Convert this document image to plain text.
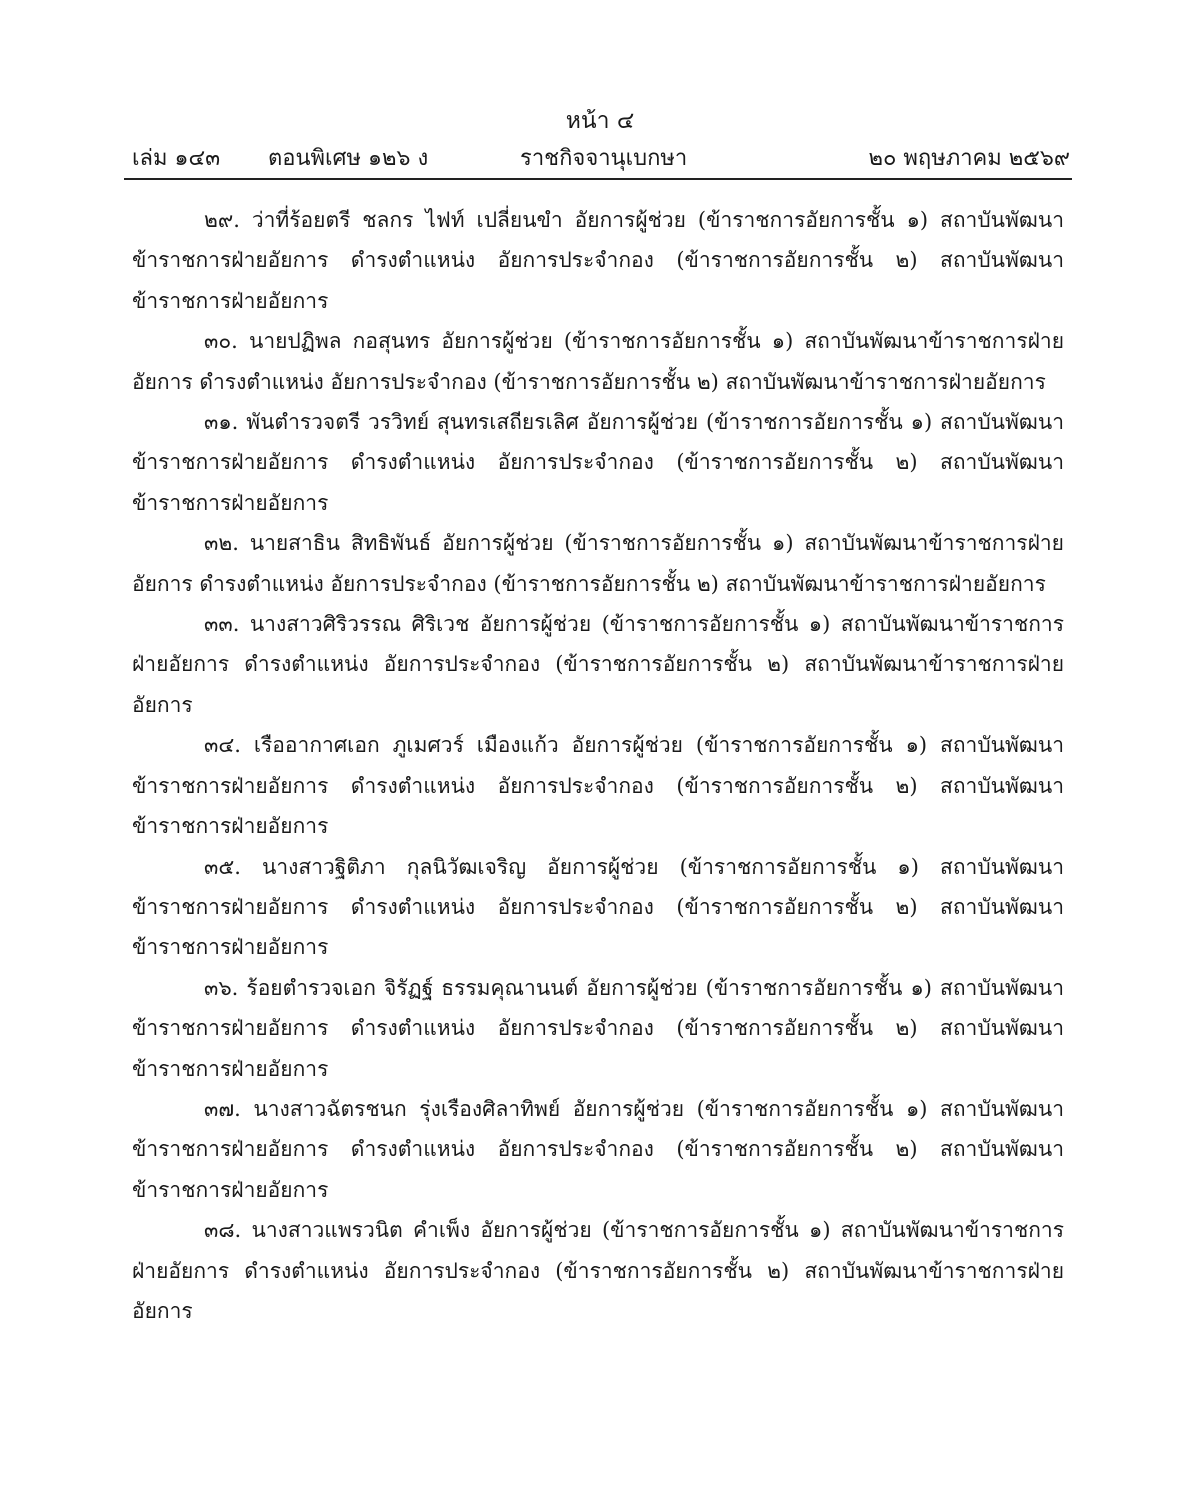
หน้า ๔
เล่ม ๑๔๓ ตอนพิเศษ ๑๒๖ ง	ราชกิจจานุเบกษา	๒๐ พฤษภาคม ๒๕๖๙

๒๙. ว่าที่ร้อยตรี ชลกร ไฟท์ เปลี่ยนขำ อัยการผู้ช่วย (ข้าราชการอัยการชั้น ๑) สถาบันพัฒนาข้าราชการฝ่ายอัยการ ดำรงตำแหน่ง อัยการประจำกอง (ข้าราชการอัยการชั้น ๒) สถาบันพัฒนาข้าราชการฝ่ายอัยการ

๓๐. นายปฏิพล กอสุนทร อัยการผู้ช่วย (ข้าราชการอัยการชั้น ๑) สถาบันพัฒนาข้าราชการฝ่ายอัยการ ดำรงตำแหน่ง อัยการประจำกอง (ข้าราชการอัยการชั้น ๒) สถาบันพัฒนาข้าราชการฝ่ายอัยการ

๓๑. พันตำรวจตรี วรวิทย์ สุนทรเสถียรเลิศ อัยการผู้ช่วย (ข้าราชการอัยการชั้น ๑) สถาบันพัฒนาข้าราชการฝ่ายอัยการ ดำรงตำแหน่ง อัยการประจำกอง (ข้าราชการอัยการชั้น ๒) สถาบันพัฒนาข้าราชการฝ่ายอัยการ

๓๒. นายสาธิน สิทธิพันธ์ อัยการผู้ช่วย (ข้าราชการอัยการชั้น ๑) สถาบันพัฒนาข้าราชการฝ่ายอัยการ ดำรงตำแหน่ง อัยการประจำกอง (ข้าราชการอัยการชั้น ๒) สถาบันพัฒนาข้าราชการฝ่ายอัยการ

๓๓. นางสาวศิริวรรณ ศิริเวช อัยการผู้ช่วย (ข้าราชการอัยการชั้น ๑) สถาบันพัฒนาข้าราชการฝ่ายอัยการ ดำรงตำแหน่ง อัยการประจำกอง (ข้าราชการอัยการชั้น ๒) สถาบันพัฒนาข้าราชการฝ่ายอัยการ

๓๔. เรืออากาศเอก ภูเมศวร์ เมืองแก้ว อัยการผู้ช่วย (ข้าราชการอัยการชั้น ๑) สถาบันพัฒนาข้าราชการฝ่ายอัยการ ดำรงตำแหน่ง อัยการประจำกอง (ข้าราชการอัยการชั้น ๒) สถาบันพัฒนาข้าราชการฝ่ายอัยการ

๓๕. นางสาวฐิติภา กุลนิวัฒเจริญ อัยการผู้ช่วย (ข้าราชการอัยการชั้น ๑) สถาบันพัฒนาข้าราชการฝ่ายอัยการ ดำรงตำแหน่ง อัยการประจำกอง (ข้าราชการอัยการชั้น ๒) สถาบันพัฒนาข้าราชการฝ่ายอัยการ

๓๖. ร้อยตำรวจเอก จิรัฏฐ์ ธรรมคุณานนต์ อัยการผู้ช่วย (ข้าราชการอัยการชั้น ๑) สถาบันพัฒนาข้าราชการฝ่ายอัยการ ดำรงตำแหน่ง อัยการประจำกอง (ข้าราชการอัยการชั้น ๒) สถาบันพัฒนาข้าราชการฝ่ายอัยการ

๓๗. นางสาวฉัตรชนก รุ่งเรืองศิลาทิพย์ อัยการผู้ช่วย (ข้าราชการอัยการชั้น ๑) สถาบันพัฒนาข้าราชการฝ่ายอัยการ ดำรงตำแหน่ง อัยการประจำกอง (ข้าราชการอัยการชั้น ๒) สถาบันพัฒนาข้าราชการฝ่ายอัยการ

๓๘. นางสาวแพรวนิต คำเพ็ง อัยการผู้ช่วย (ข้าราชการอัยการชั้น ๑) สถาบันพัฒนาข้าราชการฝ่ายอัยการ ดำรงตำแหน่ง อัยการประจำกอง (ข้าราชการอัยการชั้น ๒) สถาบันพัฒนาข้าราชการฝ่ายอัยการ
